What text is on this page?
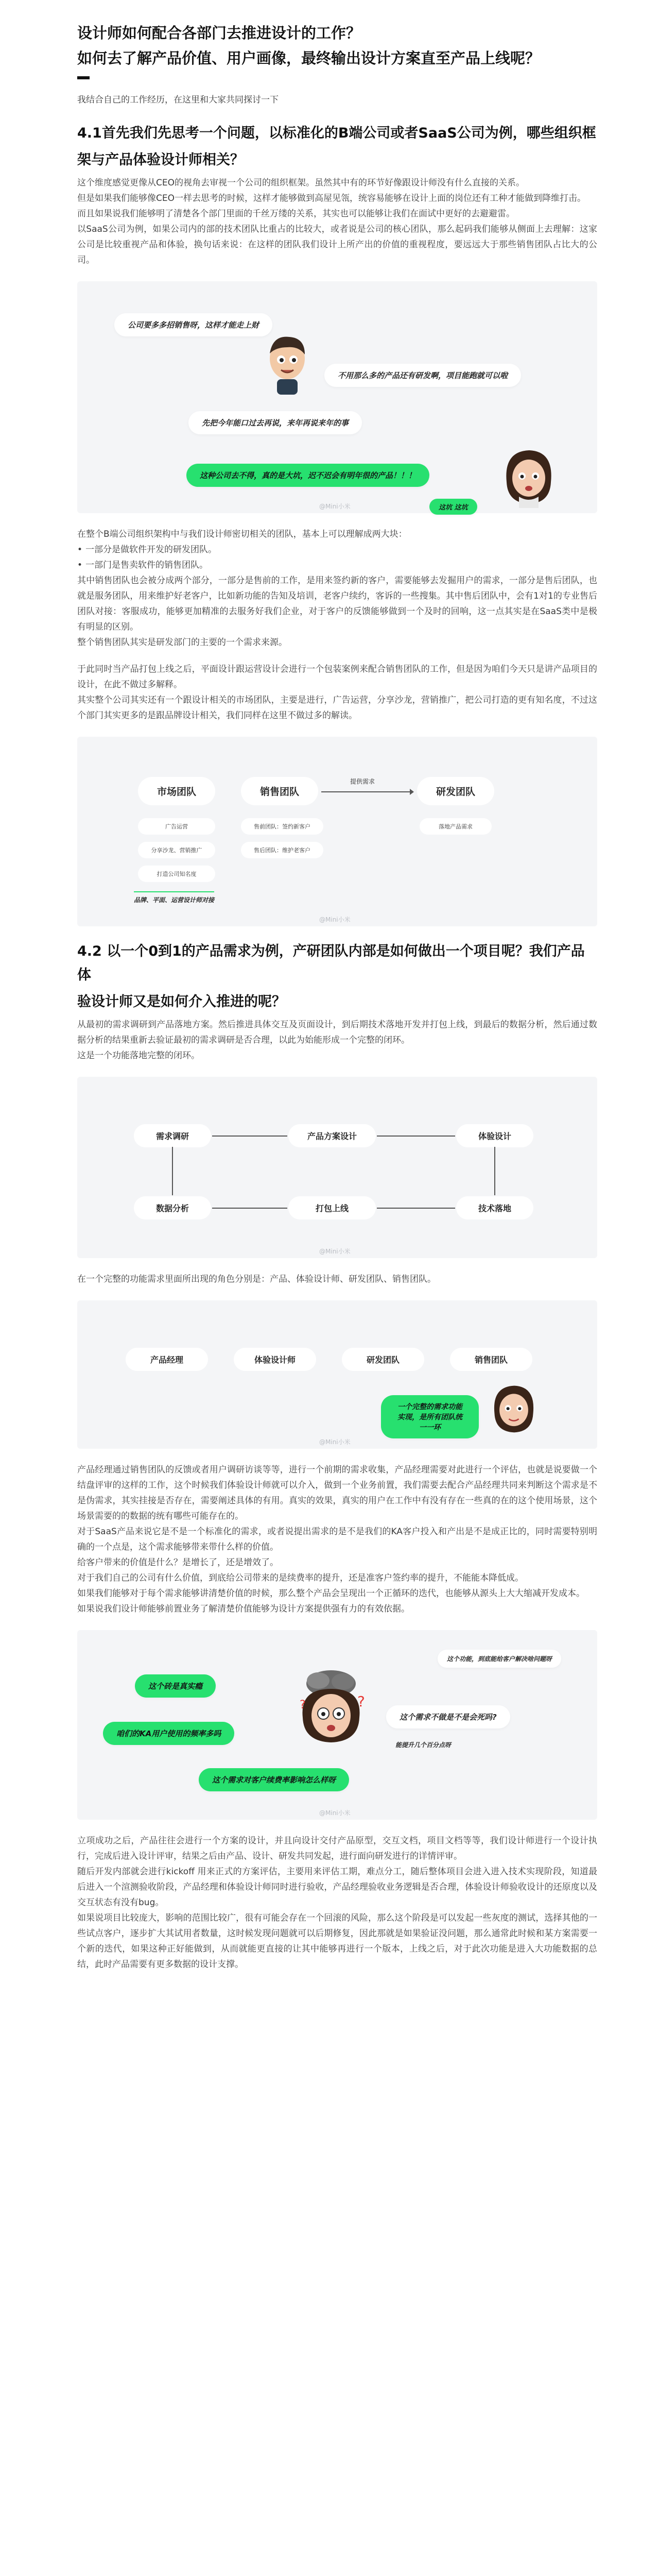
设计师如何配合各部门去推进设计的工作？
如何去了解产品价值、用户画像，最终输出设计方案直至产品上线呢？
我结合自己的工作经历，在这里和大家共同探讨一下
4.1首先我们先思考一个问题，以标准化的B端公司或者SaaS公司为例，哪些组织框
架与产品体验设计师相关？
这个维度感觉更像从CEO的视角去审视一个公司的组织框架。虽然其中有的环节好像跟设计师没有什么直接的关系。
但是如果我们能够像CEO一样去思考的时候，这样才能够做到高屋见瓴，统容易能够在设计上面的岗位还有工种才能做到降维打击。
而且如果说我们能够明了清楚各个部门里面的千丝万缕的关系，其实也可以能够让我们在面试中更好的去避避雷。
以SaaS公司为例，如果公司内的部的技术团队比重占的比较大，或者说是公司的核心团队，那么起码我们能够从侧面上去理解：这家公司是比较重视产品和体验，换句话来说：在这样的团队我们设计上所产出的价值的重视程度，要远远大于那些销售团队占比大的公司。
公司要多多招销售呀，这样才能走上财
不用那么多的产品还有研发啊，项目能跑就可以啦
先把今年能口过去再说，来年再说来年的事
这种公司去不得，真的是大坑，迟不迟会有明年很的产品！！！
这坑 这坑
@Mini小米
在整个B端公司组织架构中与我们设计师密切相关的团队，基本上可以理解成两大块：
• 一部分是做软件开发的研发团队。
• 一部门是售卖软件的销售团队。
其中销售团队也会被分成两个部分，一部分是售前的工作，是用来签约新的客户，需要能够去发掘用户的需求，一部分是售后团队，也就是服务团队，用来维护好老客户，比如新功能的告知及培训，老客户续约，客诉的一些搜集。其中售后团队中，会有1对1的专业售后团队对接：客服成功，能够更加精准的去服务好我们企业，对于客户的反馈能够做到一个及时的回响，这一点其实是在SaaS类中是极有明显的区别。
整个销售团队其实是研发部门的主要的一个需求来源。
于此同时当产品打包上线之后，平面设计跟运营设计会进行一个包装案例来配合销售团队的工作，但是因为咱们今天只是讲产品项目的设计，在此不做过多解释。
其实整个公司其实还有一个跟设计相关的市场团队，主要是进行，广告运营，分享沙龙，营销推广，把公司打造的更有知名度，不过这个部门其实更多的是跟品牌设计相关，我们同样在这里不做过多的解读。
市场团队	销售团队	研发团队
提供需求
广告运营
分享沙龙、营销推广
打造公司知名度
售前团队：签约新客户
售后团队：维护老客户
落地产品需求
品牌、平面、运营设计师对接
@Mini小米
4.2 以一个0到1的产品需求为例，产研团队内部是如何做出一个项目呢？我们产品体
验设计师又是如何介入推进的呢？
从最初的需求调研到产品落地方案。然后推进具体交互及页面设计，到后期技术落地开发并打包上线，到最后的数据分析，然后通过数据分析的结果重新去验证最初的需求调研是否合理，以此为始能形成一个完整的闭环。
这是一个功能落地完整的闭环。
需求调研	产品方案设计	体验设计
数据分析	打包上线	技术落地
@Mini小米
在一个完整的功能需求里面所出现的角色分别是：产品、体验设计师、研发团队、销售团队。
产品经理	体验设计师	研发团队	销售团队
一个完整的需求功能实现，是所有团队统一一环
@Mini小米
产品经理通过销售团队的反馈或者用户调研访谈等等，进行一个前期的需求收集，产品经理需要对此进行一个评估，也就是说要做一个结盘评审的这样的工作，这个时候我们体验设计师就可以介入，做到一个业务前置，我们需要去配合产品经理共同来判断这个需求是不是伪需求，其实挂接是否存在，需要阐述具体的有用。真实的效果，真实的用户在工作中有没有存在一些真的在的这个使用场景，这个场景需要的的数据的统有哪些可能存在的。
对于SaaS产品来说它是不是一个标准化的需求，或者说提出需求的是不是我们的KA客户投入和产出是不是成正比的，同时需要特别明确的一个点是，这个需求能够带来带什么样的价值。
给客户带来的价值是什么？是增长了，还是增效了。
对于我们自己的公司有什么价值，到底给公司带来的是续费率的提升，还是准客户签约率的提升，不能能本降低成。
如果我们能够对于每个需求能够讲清楚价值的时候，那么整个产品会呈现出一个正循环的迭代，也能够从源头上大大缩减开发成本。
如果说我们设计师能够前置业务了解清楚价值能够为设计方案提供强有力的有效依据。
这个功能，到底能给客户解决啥问题呀
这个砖是真实瘾
?
?
这个需求不做是不是会死吗?
咱们的KA用户使用的频率多吗
能提升几个百分点呀
这个需求对客户续费率影响怎么样呀
@Mini小米
立项成功之后，产品往往会进行一个方案的设计，并且向设计交付产品原型，交互文档，项目文档等等，我们设计师进行一个设计执行，完成后进入设计评审，结果之后由产品、设计、研发共同发起，进行面向研发进行的详情评审。
随后开发内部就会进行kickoff 用来正式的方案评估，主要用来评估工期，难点分工，随后整体项目会进入进入技术实现阶段，知道最后进入一个渲测验收阶段，产品经理和体验设计师同时进行验收，产品经理验收业务逻辑是否合理，体验设计师验收设计的还原度以及交互状态有没有bug。
如果说项目比较庞大，影响的范围比较广，很有可能会存在一个回滚的风险，那么这个阶段是可以发起一些灰度的测试，选择其他的一些试点客户，逐步扩大其试用者数量，这时候发现问题就可以后期修复，因此那就是如果验证没问题，那么通常此时候和某方案需要一个新的迭代，如果这种正好能做到，从而就能更直接的让其中能够再进行一个版本，上线之后，对于此次功能是进入大功能数据的总结，此时产品需要有更多数据的设计支撑。
